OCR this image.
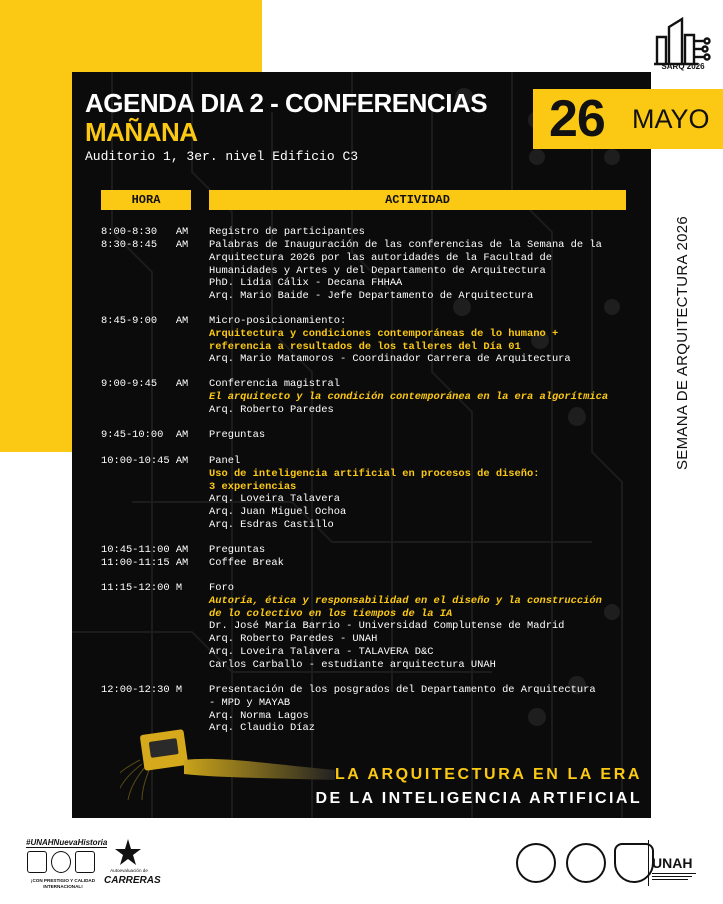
SARQ 2026
AGENDA DIA 2 - CONFERENCIAS
MAÑANA
Auditorio 1, 3er. nivel Edificio C3
26 MAYO
SEMANA DE ARQUITECTURA 2026
HORA	ACTIVIDAD
8:00-8:30   AM Registro de participantes
8:30-8:45   AM Palabras de Inauguración de las conferencias de la Semana de la
Arquitectura 2026 por las autoridades de la Facultad de
Humanidades y Artes y del Departamento de Arquitectura
PhD. Lidia Cálix - Decana FHHAA
Arq. Mario Baide - Jefe Departamento de Arquitectura
8:45-9:00   AM Micro-posicionamiento:
Arquitectura y condiciones contemporáneas de lo humano +
referencia a resultados de los talleres del Día 01
Arq. Mario Matamoros - Coordinador Carrera de Arquitectura
9:00-9:45   AM Conferencia magistral
El arquitecto y la condición contemporánea en la era algorítmica
Arq. Roberto Paredes
9:45-10:00  AM Preguntas
10:00-10:45 AM Panel
Uso de inteligencia artificial en procesos de diseño:
3 experiencias
Arq. Loveira Talavera
Arq. Juan Miguel Ochoa
Arq. Esdras Castillo
10:45-11:00 AM Preguntas
11:00-11:15 AM Coffee Break
11:15-12:00 M	Foro
Autoría, ética y responsabilidad en el diseño y la construcción
de lo colectivo en los tiempos de la IA
Dr. José María Barrio - Universidad Complutense de Madrid
Arq. Roberto Paredes - UNAH
Arq. Loveira Talavera - TALAVERA D&C
Carlos Carballo - estudiante arquitectura UNAH
12:00-12:30 M	Presentación de los posgrados del Departamento de Arquitectura
- MPD y MAYAB
Arq. Norma Lagos
Arq. Claudio Díaz
LA ARQUITECTURA EN LA ERA
DE LA INTELIGENCIA ARTIFICIAL
#UNAHNuevaHistoria
¡CON PRESTIGIO Y CALIDAD INTERNACIONAL!
Autoevaluación de
CARRERAS
UNAH
